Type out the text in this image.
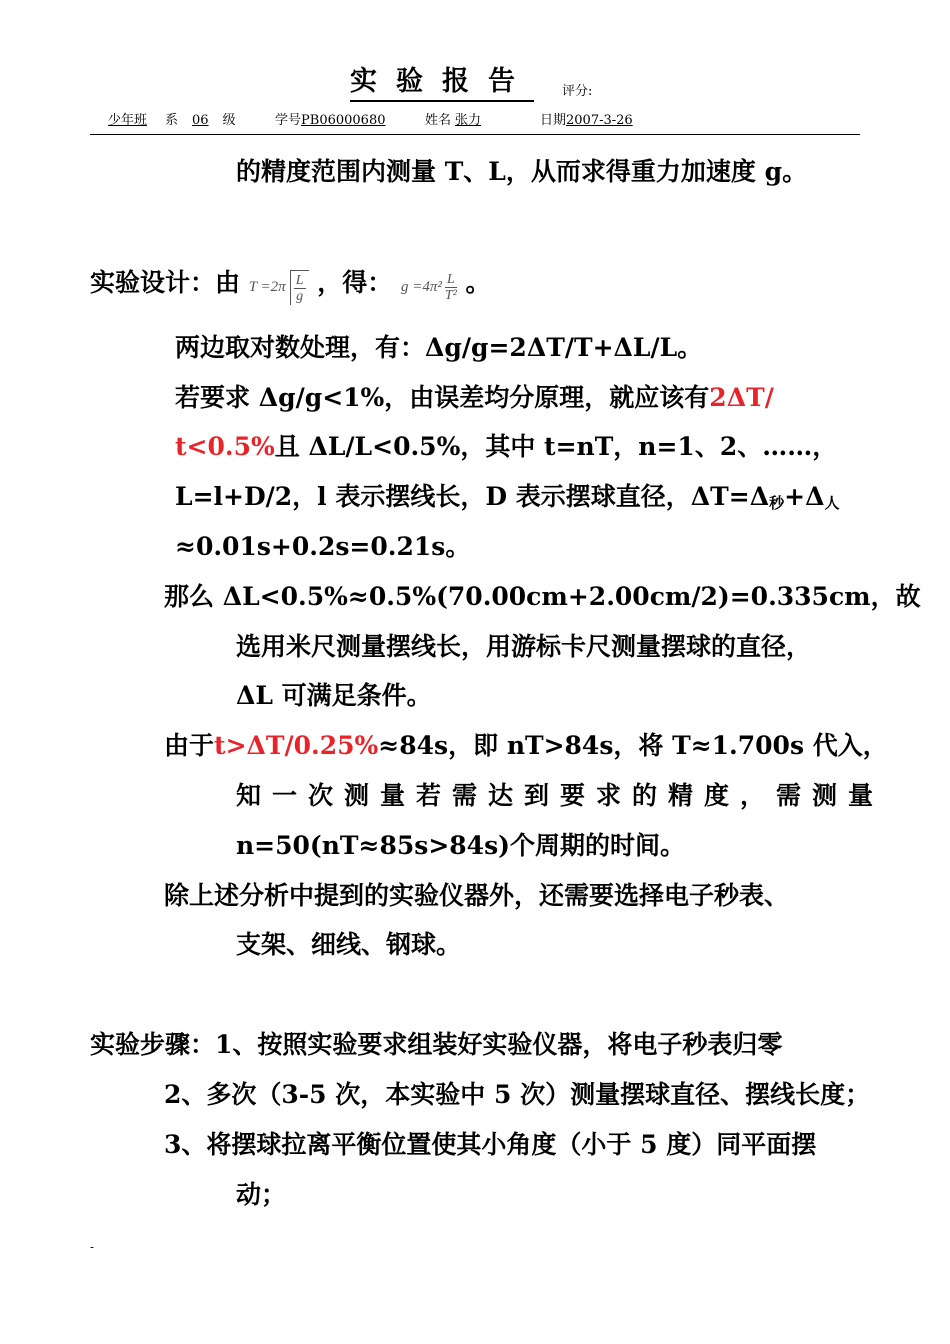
实验报告 评分:
少年班 系 06 级	学号PB06000680	姓名 张力	日期2007-3-26
的精度范围内测量 T、L，从而求得重力加速度 g。
实验设计：由 $T =2\pi \frac{L}{g}$ ，得： $g =4\pi^2 \frac{L}{\text{T²}}$ 。
两边取对数处理，有：Δg/g=2ΔT/T+ΔL/L。
若要求 Δg/g<1%，由误差均分原理，就应该有2ΔT/
t<0.5%且 ΔL/L<0.5%，其中 t=nT，n=1、2、……，
L=l+D/2，l 表示摆线长，D 表示摆球直径，$\Delta T=\Delta_秒+\Delta_人$
≈0.01s+0.2s=0.21s。
那么 ΔL<0.5%≈0.5%(70.00cm+2.00cm/2)=0.335cm，故
选用米尺测量摆线长，用游标卡尺测量摆球的直径，
ΔL 可满足条件。
由于t>ΔT/0.25%≈84s，即 nT>84s，将 T≈1.700s 代入，
知一次测量若需达到要求的精度，需测量
n=50(nT≈85s>84s)个周期的时间。
除上述分析中提到的实验仪器外，还需要选择电子秒表、
支架、细线、钢球。
实验步骤：1、按照实验要求组装好实验仪器，将电子秒表归零
2、多次（3-5 次，本实验中 5 次）测量摆球直径、摆线长度；
3、将摆球拉离平衡位置使其小角度（小于 5 度）同平面摆
动；
-
